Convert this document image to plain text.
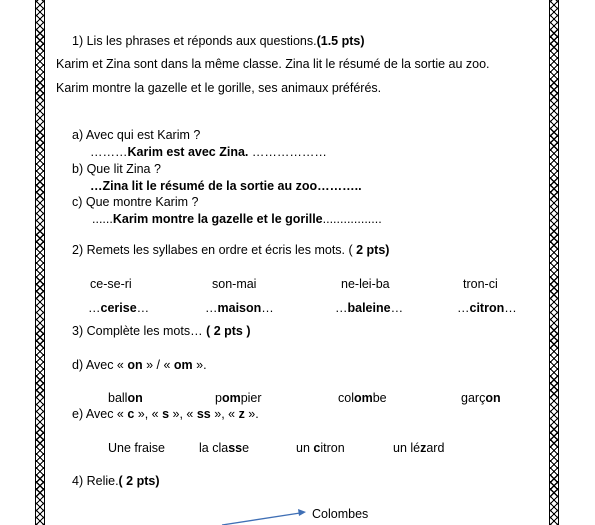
1) Lis les phrases et réponds aux questions.(1.5 pts)
Karim et Zina sont dans la même classe. Zina lit le résumé de la sortie au zoo.
Karim montre la gazelle et le gorille, ses animaux préférés.
a) Avec qui est Karim ?
………Karim est avec Zina. ………………
b) Que lit Zina ?
…Zina lit le résumé de la sortie au zoo………..
c) Que montre Karim ?
......Karim montre la gazelle et le gorille.................
2) Remets les syllabes en ordre et écris les mots. ( 2 pts)
ce-se-ri	son-mai	ne-lei-ba	tron-ci
…cerise…	…maison…	…baleine…	…citron…
3) Complète les mots… ( 2 pts )
d) Avec « on » / « om ».
ballon	pompier	colombe	garçon
e) Avec « c », « s », « ss », « z ».
Une fraise	la classe	un citron	un lézard
4) Relie.( 2 pts)
Colombes
